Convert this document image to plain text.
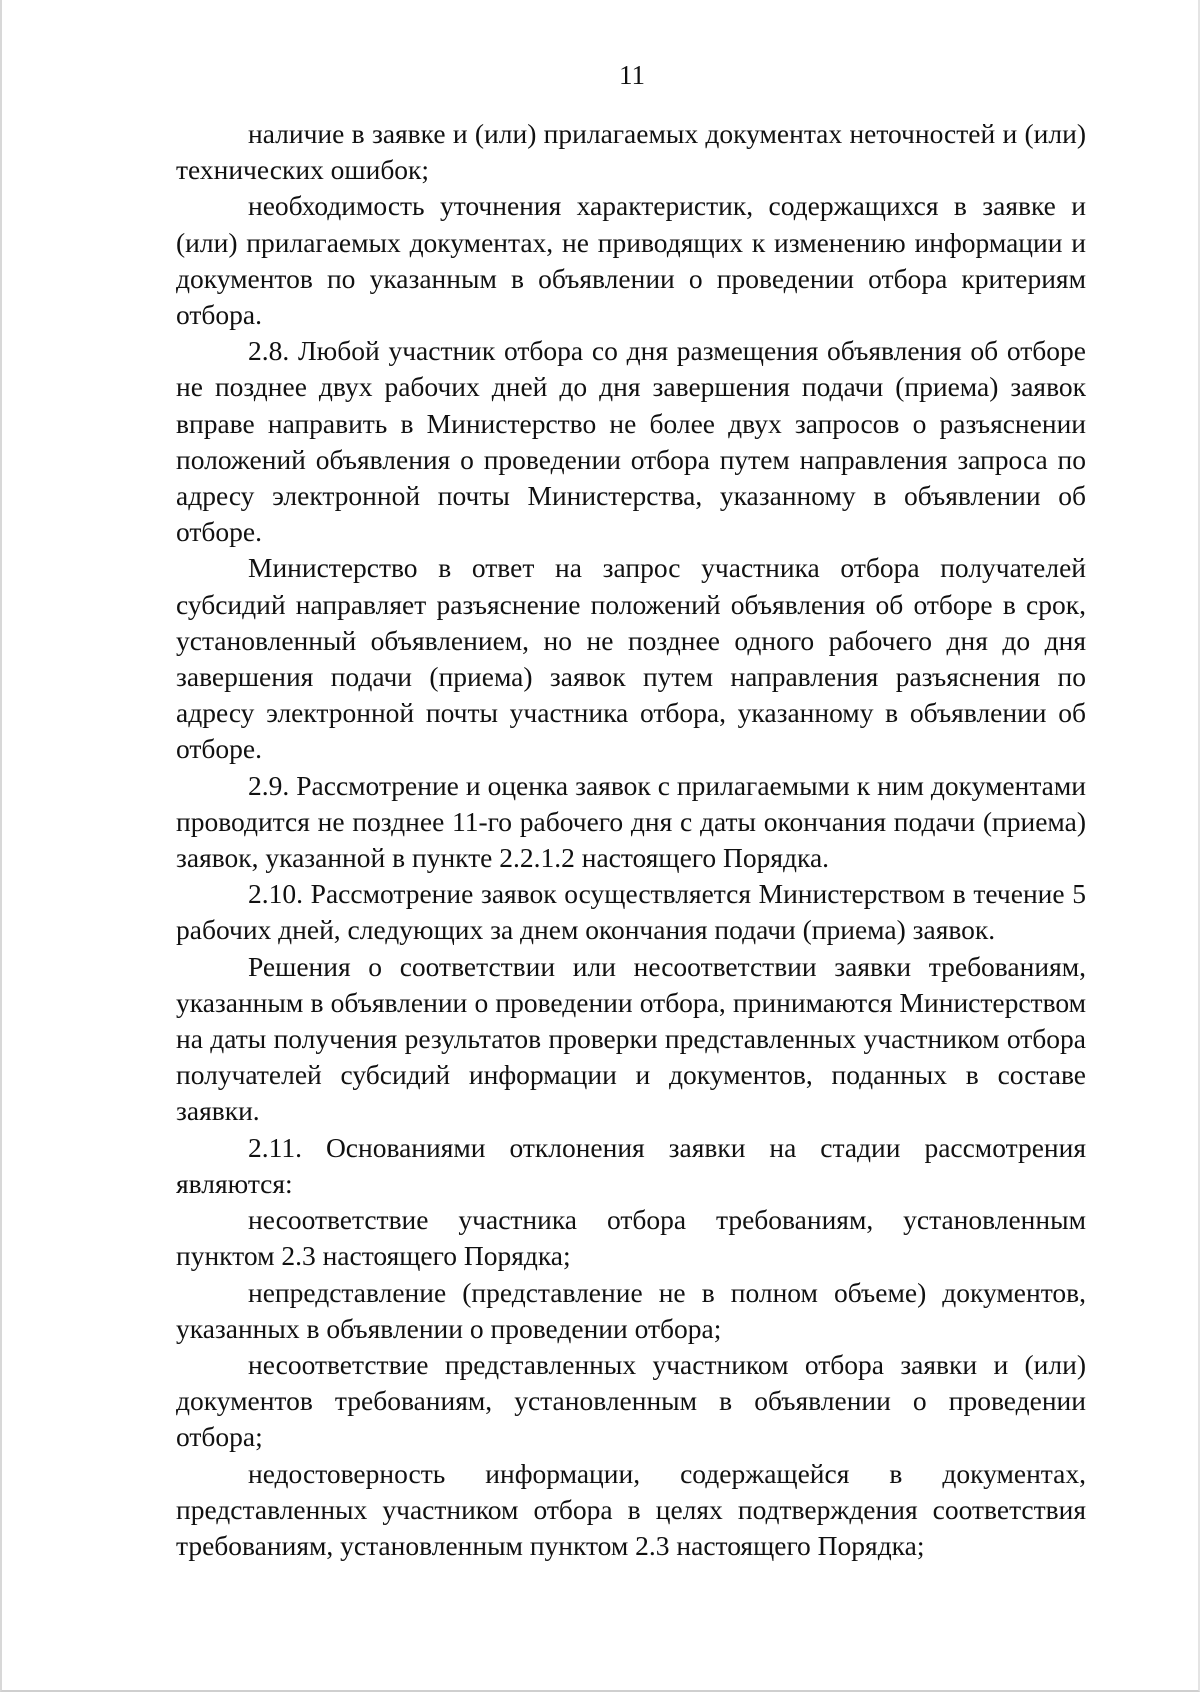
11

наличие в заявке и (или) прилагаемых документах неточностей и (или) технических ошибок;

необходимость уточнения характеристик, содержащихся в заявке и (или) прилагаемых документах, не приводящих к изменению информации и документов по указанным в объявлении о проведении отбора критериям отбора.

2.8. Любой участник отбора со дня размещения объявления об отборе не позднее двух рабочих дней до дня завершения подачи (приема) заявок вправе направить в Министерство не более двух запросов о разъяснении положений объявления о проведении отбора путем направления запроса по адресу электронной почты Министерства, указанному в объявлении об отборе.

Министерство в ответ на запрос участника отбора получателей субсидий направляет разъяснение положений объявления об отборе в срок, установленный объявлением, но не позднее одного рабочего дня до дня завершения подачи (приема) заявок путем направления разъяснения по адресу электронной почты участника отбора, указанному в объявлении об отборе.

2.9. Рассмотрение и оценка заявок с прилагаемыми к ним документами проводится не позднее 11-го рабочего дня с даты окончания подачи (приема) заявок, указанной в пункте 2.2.1.2 настоящего Порядка.

2.10. Рассмотрение заявок осуществляется Министерством в течение 5 рабочих дней, следующих за днем окончания подачи (приема) заявок.

Решения о соответствии или несоответствии заявки требованиям, указанным в объявлении о проведении отбора, принимаются Министерством на даты получения результатов проверки представленных участником отбора получателей субсидий информации и документов, поданных в составе заявки.

2.11. Основаниями отклонения заявки на стадии рассмотрения являются:

несоответствие участника отбора требованиям, установленным пунктом 2.3 настоящего Порядка;

непредставление (представление не в полном объеме) документов, указанных в объявлении о проведении отбора;

несоответствие представленных участником отбора заявки и (или) документов требованиям, установленным в объявлении о проведении отбора;

недостоверность информации, содержащейся в документах, представленных участником отбора в целях подтверждения соответствия требованиям, установленным пунктом 2.3 настоящего Порядка;
